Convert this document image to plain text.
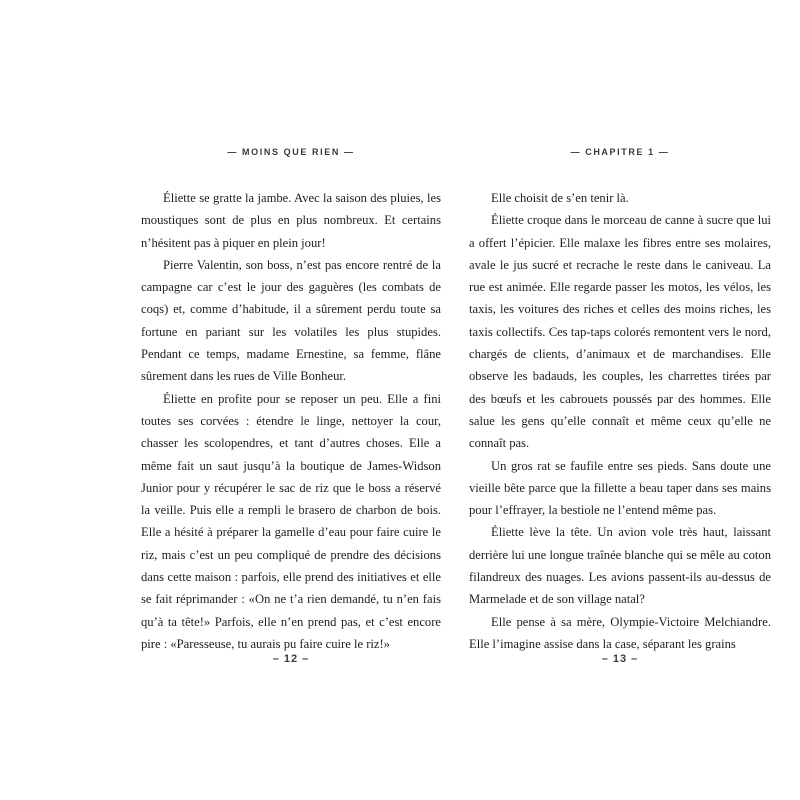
— MOINS QUE RIEN —

Éliette se gratte la jambe. Avec la saison des pluies, les moustiques sont de plus en plus nombreux. Et certains n’hésitent pas à piquer en plein jour!

Pierre Valentin, son boss, n’est pas encore rentré de la campagne car c’est le jour des gaguères (les combats de coqs) et, comme d’habitude, il a sûrement perdu toute sa fortune en pariant sur les volatiles les plus stupides. Pendant ce temps, madame Ernestine, sa femme, flâne sûrement dans les rues de Ville Bonheur.

Éliette en profite pour se reposer un peu. Elle a fini toutes ses corvées : étendre le linge, nettoyer la cour, chasser les scolopendres, et tant d’autres choses. Elle a même fait un saut jusqu’à la boutique de James-Widson Junior pour y récupérer le sac de riz que le boss a réservé la veille. Puis elle a rempli le brasero de charbon de bois. Elle a hésité à préparer la gamelle d’eau pour faire cuire le riz, mais c’est un peu compliqué de prendre des décisions dans cette maison : parfois, elle prend des initiatives et elle se fait réprimander : «On ne t’a rien demandé, tu n’en fais qu’à ta tête!» Parfois, elle n’en prend pas, et c’est encore pire : «Paresseuse, tu aurais pu faire cuire le riz!»

– 12 –
— CHAPITRE 1 —

Elle choisit de s’en tenir là.

Éliette croque dans le morceau de canne à sucre que lui a offert l’épicier. Elle malaxe les fibres entre ses molaires, avale le jus sucré et recrache le reste dans le caniveau. La rue est animée. Elle regarde passer les motos, les vélos, les taxis, les voitures des riches et celles des moins riches, les taxis collectifs. Ces tap-taps colorés remontent vers le nord, chargés de clients, d’animaux et de marchandises. Elle observe les badauds, les couples, les charrettes tirées par des bœufs et les cabrouets poussés par des hommes. Elle salue les gens qu’elle connaît et même ceux qu’elle ne connaît pas.

Un gros rat se faufile entre ses pieds. Sans doute une vieille bête parce que la fillette a beau taper dans ses mains pour l’effrayer, la bestiole ne l’entend même pas.

Éliette lève la tête. Un avion vole très haut, laissant derrière lui une longue traînée blanche qui se mêle au coton filandreux des nuages. Les avions passent-ils au-dessus de Marmelade et de son village natal?

Elle pense à sa mère, Olympie-Victoire Melchiandre. Elle l’imagine assise dans la case, séparant les grains

– 13 –
